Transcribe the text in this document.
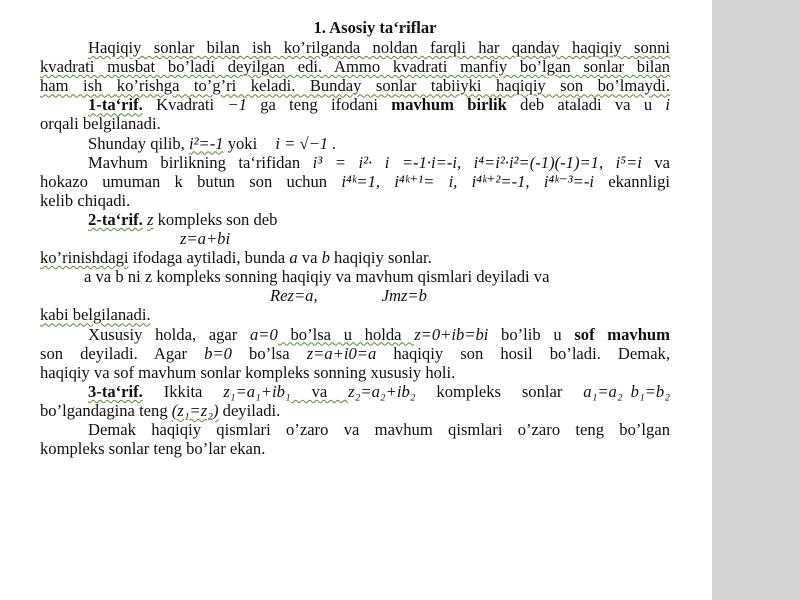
1. Asosiy ta‘riflar
Haqiqiy sonlar bilan ish ko’rilganda noldan farqli har qanday haqiqiy sonni
kvadrati musbat bo’ladi deyilgan edi. Ammo kvadrati manfiy bo’lgan sonlar bilan
ham ish ko’rishga to’g’ri keladi. Bunday sonlar tabiiyki haqiqiy son bo’lmaydi.
1-ta‘rif. Kvadrati −1 ga teng ifodani mavhum birlik deb ataladi va u i
orqali belgilanadi.
Shunday qilib, i²=-1 yoki i = √−1 .
Mavhum birlikning ta‘rifidan i³ = i²· i =-1·i=-i, i⁴=i²·i²=(-1)(-1)=1, i⁵=i va
hokazo umuman k butun son uchun i⁴ᵏ=1, i⁴ᵏ⁺¹= i, i⁴ᵏ⁺²=-1, i⁴ᵏ⁻³=-i ekannligi
kelib chiqadi.
2-ta‘rif. z kompleks son deb
z=a+bi
ko’rinishdagi ifodaga aytiladi, bunda a va b haqiqiy sonlar.
a va b ni z kompleks sonning haqiqiy va mavhum qismlari deyiladi va
Rez=a,	Jmz=b
kabi belgilanadi.
Xususiy holda, agar a=0 bo’lsa u holda z=0+ib=bi bo’lib u sof mavhum
son deyiladi. Agar b=0 bo’lsa z=a+i0=a haqiqiy son hosil bo’ladi. Demak,
haqiqiy va sof mavhum sonlar kompleks sonning xususiy holi.
3-ta‘rif. Ikkita z₁=a₁+ib₁ va z₂=a₂+ib₂ kompleks sonlar a₁=a₂ b₁=b₂
bo’lgandagina teng (z₁=z₂) deyiladi.
Demak haqiqiy qismlari o’zaro va mavhum qismlari o’zaro teng bo’lgan
kompleks sonlar teng bo’lar ekan.
